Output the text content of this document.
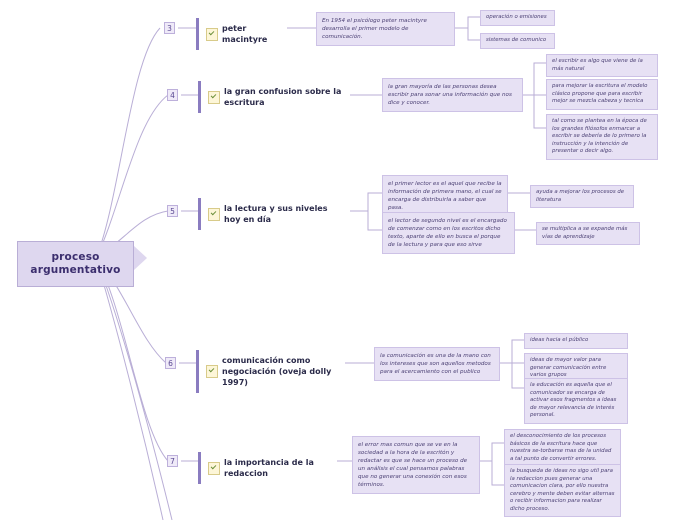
proceso argumentativo
3	peter macintyre
En 1954 el psicólogo peter macintyre desarrolla el primer modelo de comunicación.
operación o emisiones
sistemas de comunico
4	la gran confusion sobre la escritura
la gran mayoría de las personas desea escribir para sonar una información que nos dice y conocer.
el escribir es algo que viene de la más natural
para mejorar la escritura el modelo clásico propone que para escribir mejor se mezcla cabeza y tecnica
tal como se plantea en la época de los grandes filósofos enmarcar a escribir se debería de lo primero la instrucción y la intención de presentar o decir algo.
5	la lectura y sus niveles hoy en día
el primer lector es el aquel que recibe la información de primera mano, el cual se encarga de distribuirla a saber que pasa.
ayuda a mejorar los procesos de literatura
el lector de segundo nivel es el encargado de comenzar como en los escritos dicho texto, aparte de ello en busca el porque de la lectura y para que eso sirve
se multiplica a se expande más vías de aprendizaje
6	comunicación como negociación (oveja dolly 1997)
la comunicación es una de la mano con los intereses que son aquellos metodos para el acercamiento con el publico
ideas hacia el público
ideas de mayor valor para generar comunicación entre varios grupos
la educación es aquella que el comunicador se encarga de activar esos fragmentos a ideas de mayor relevancia de interés personal.
7	la importancia de la redaccion
el error mas comun que se ve en la sociedad a la hora de la escritón y redactar es que se hace un proceso de un análisis el cual pensamos palabras que no generar una conexión con esos términos.
el desconocimiento de los procesos básicos de la escritura hace que nuestra se-torbarse mas de la unidad a tal punto de convertir errores.
la busqueda de ideas no sigo util para la redaccion pues generar una comunicacion clara, por ello nuestra cerebro y mente deben evitar alternas o recibir informacion para realizar dicho proceso.
